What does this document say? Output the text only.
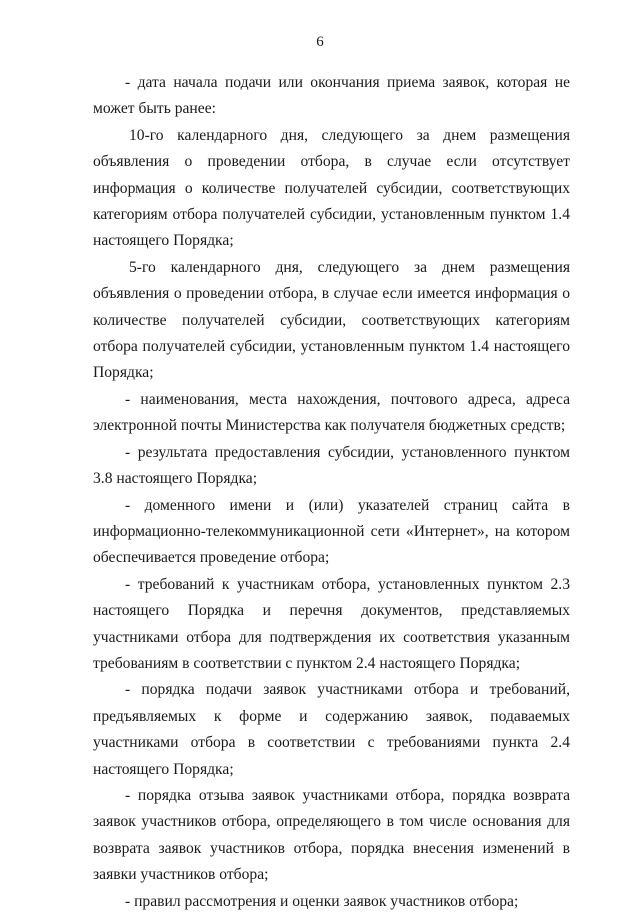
6

- дата начала подачи или окончания приема заявок, которая не может быть ранее:

10-го календарного дня, следующего за днем размещения объявления о проведении отбора, в случае если отсутствует информация о количестве получателей субсидии, соответствующих категориям отбора получателей субсидии, установленным пунктом 1.4 настоящего Порядка;

5-го календарного дня, следующего за днем размещения объявления о проведении отбора, в случае если имеется информация о количестве получателей субсидии, соответствующих категориям отбора получателей субсидии, установленным пунктом 1.4 настоящего Порядка;

- наименования, места нахождения, почтового адреса, адреса электронной почты Министерства как получателя бюджетных средств;

- результата предоставления субсидии, установленного пунктом 3.8 настоящего Порядка;

- доменного имени и (или) указателей страниц сайта в информационно-телекоммуникационной сети «Интернет», на котором обеспечивается проведение отбора;

- требований к участникам отбора, установленных пунктом 2.3 настоящего Порядка и перечня документов, представляемых участниками отбора для подтверждения их соответствия указанным требованиям в соответствии с пунктом 2.4 настоящего Порядка;

- порядка подачи заявок участниками отбора и требований, предъявляемых к форме и содержанию заявок, подаваемых участниками отбора в соответствии с требованиями пункта 2.4 настоящего Порядка;

- порядка отзыва заявок участниками отбора, порядка возврата заявок участников отбора, определяющего в том числе основания для возврата заявок участников отбора, порядка внесения изменений в заявки участников отбора;

- правил рассмотрения и оценки заявок участников отбора;
